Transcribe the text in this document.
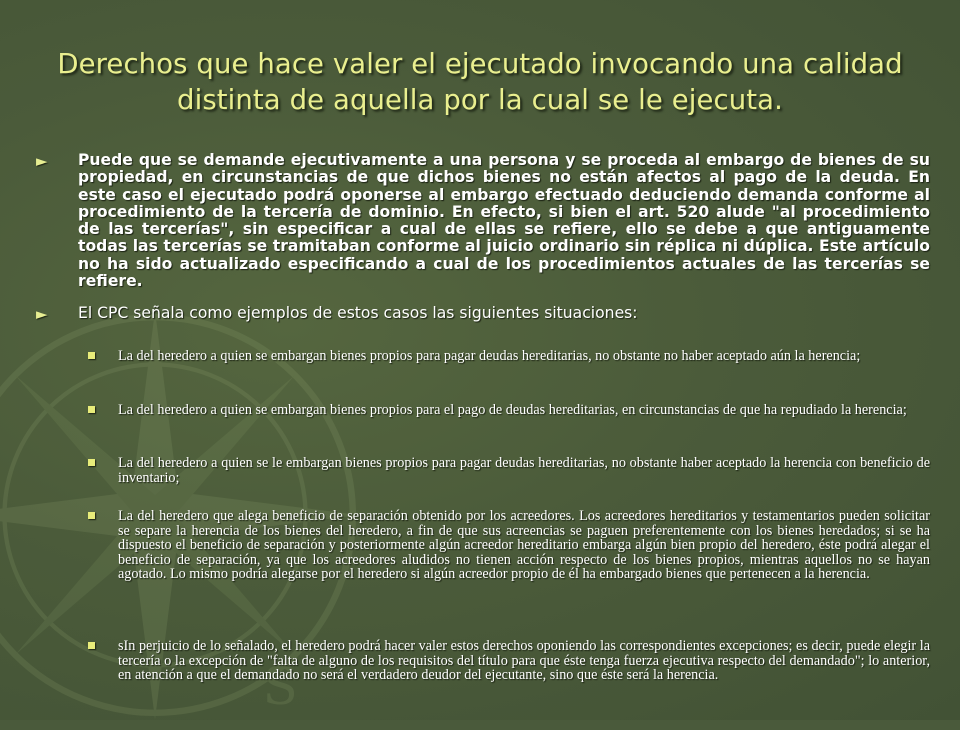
S
Derechos que hace valer el ejecutado invocando una calidad distinta de aquella por la cual se le ejecuta.
► Puede que se demande ejecutivamente a una persona y se proceda al embargo de bienes de su propiedad, en circunstancias de que dichos bienes no están afectos al pago de la deuda. En este caso el ejecutado podrá oponerse al embargo efectuado deduciendo demanda conforme al procedimiento de la tercería de dominio. En efecto, si bien el art. 520 alude "al procedimiento de las tercerías", sin especificar a cual de ellas se refiere, ello se debe a que antiguamente todas las tercerías se tramitaban conforme al juicio ordinario sin réplica ni dúplica. Este artículo no ha sido actualizado especificando a cual de los procedimientos actuales de las tercerías se refiere.
► El CPC señala como ejemplos de estos casos las siguientes situaciones:
La del heredero a quien se embargan bienes propios para pagar deudas hereditarias, no obstante no haber aceptado aún la herencia;
La del heredero a quien se embargan bienes propios para el pago de deudas hereditarias, en circunstancias de que ha repudiado la herencia;
La del heredero a quien se le embargan bienes propios para pagar deudas hereditarias, no obstante haber aceptado la herencia con beneficio de inventario;
La del heredero que alega beneficio de separación obtenido por los acreedores. Los acreedores hereditarios y testamentarios pueden solicitar se separe la herencia de los bienes del heredero, a fin de que sus acreencias se paguen preferentemente con los bienes heredados; si se ha dispuesto el beneficio de separación y posteriormente algún acreedor hereditario embarga algún bien propio del heredero, éste podrá alegar el beneficio de separación, ya que los acreedores aludidos no tienen acción respecto de los bienes propios, mientras aquellos no se hayan agotado. Lo mismo podría alegarse por el heredero si algún acreedor propio de él ha embargado bienes que pertenecen a la herencia.
sIn perjuicio de lo señalado, el heredero podrá hacer valer estos derechos oponiendo las correspondientes excepciones; es decir, puede elegir la tercería o la excepción de "falta de alguno de los requisitos del título para que éste tenga fuerza ejecutiva respecto del demandado"; lo anterior, en atención a que el demandado no será el verdadero deudor del ejecutante, sino que éste será la herencia.
